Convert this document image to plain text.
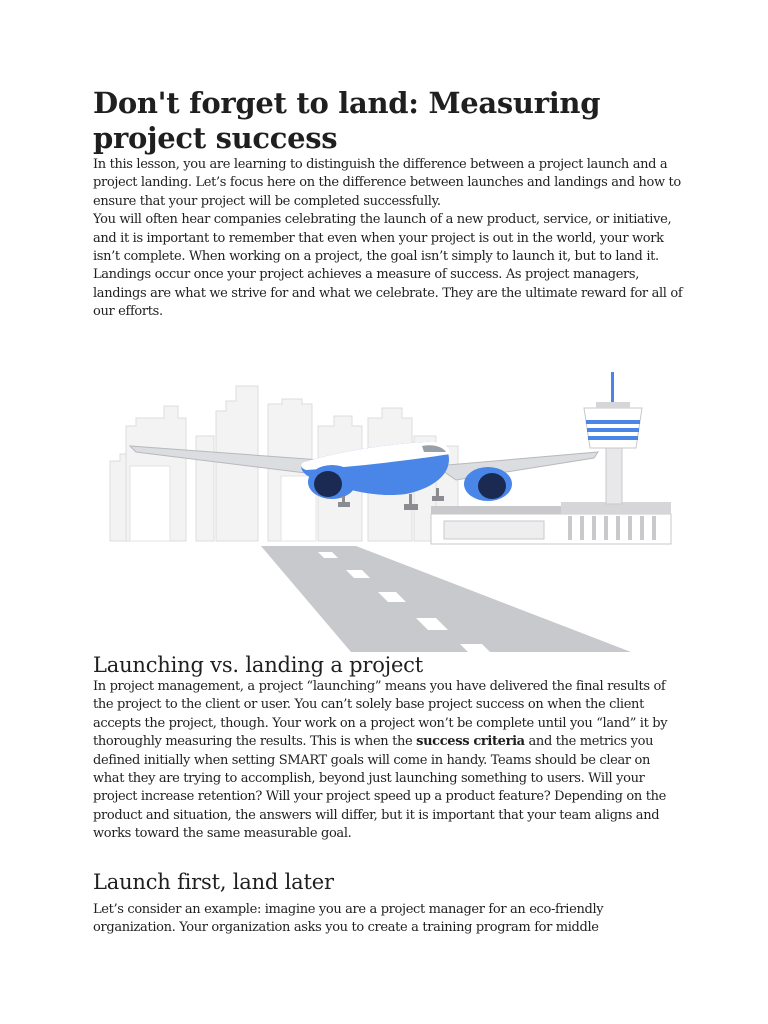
Don't forget to land: Measuring project success

In this lesson, you are learning to distinguish the difference between a project launch and a project landing. Let’s focus here on the difference between launches and landings and how to ensure that your project will be completed successfully.

You will often hear companies celebrating the launch of a new product, service, or initiative, and it is important to remember that even when your project is out in the world, your work isn’t complete. When working on a project, the goal isn’t simply to launch it, but to land it. Landings occur once your project achieves a measure of success. As project managers, landings are what we strive for and what we celebrate. They are the ultimate reward for all of our efforts.

Launching vs. landing a project

In project management, a project “launching” means you have delivered the final results of the project to the client or user. You can’t solely base project success on when the client accepts the project, though. Your work on a project won’t be complete until you “land” it by thoroughly measuring the results. This is when the success criteria and the metrics you defined initially when setting SMART goals will come in handy. Teams should be clear on what they are trying to accomplish, beyond just launching something to users. Will your project increase retention? Will your project speed up a product feature? Depending on the product and situation, the answers will differ, but it is important that your team aligns and works toward the same measurable goal.

Launch first, land later

Let’s consider an example: imagine you are a project manager for an eco-friendly organization. Your organization asks you to create a training program for middle
